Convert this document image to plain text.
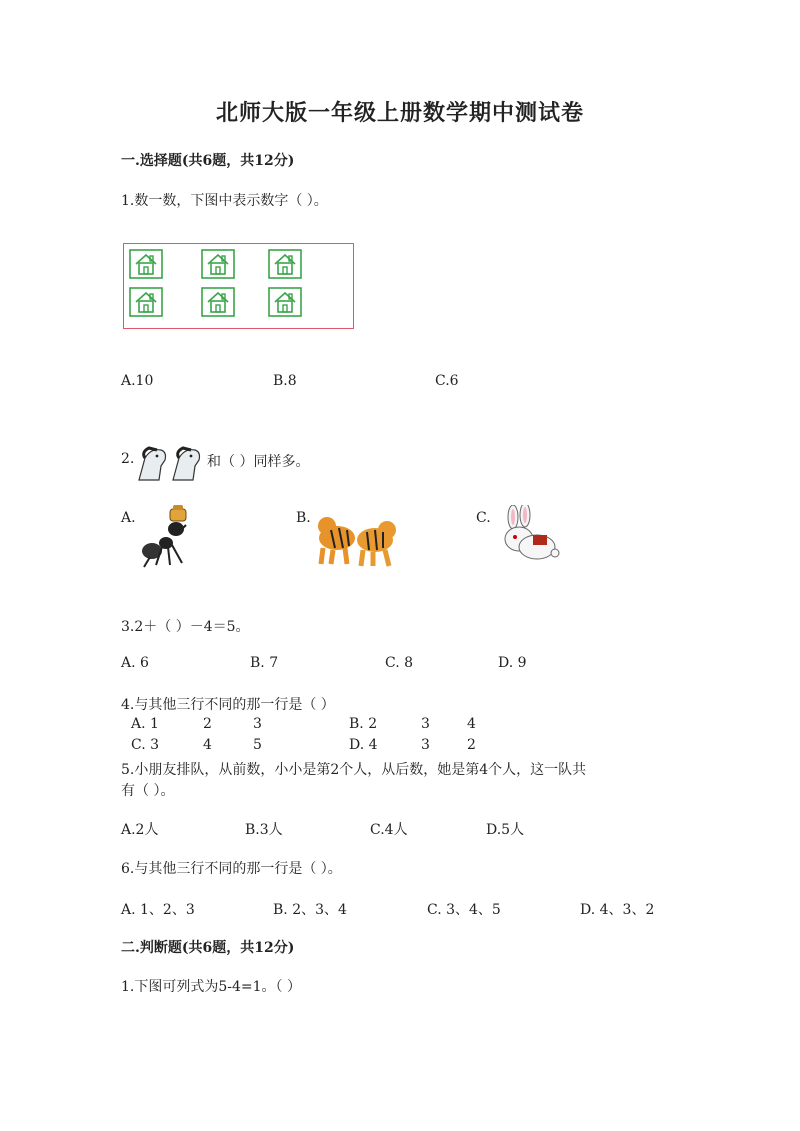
北师大版一年级上册数学期中测试卷
一.选择题(共6题，共12分)
1.数一数，下图中表示数字（ ）。
A.10	B.8	C.6
2.	和（ ）同样多。
A.	B.	C.
3.2＋（ ）－4＝5。
A. 6	B. 7	C. 8	D. 9
4.与其他三行不同的那一行是（ ）
A. 1	2	3	B. 2	3	4
C. 3	4	5	D. 4	3	2
5.小朋友排队，从前数，小小是第2个人，从后数，她是第4个人，这一队共
有（ ）。
A.2人	B.3人	C.4人	D.5人
6.与其他三行不同的那一行是（ ）。
A. 1、2、3	B. 2、3、4	C. 3、4、5	D. 4、3、2
二.判断题(共6题，共12分)
1.下图可列式为5-4=1。（ ）
